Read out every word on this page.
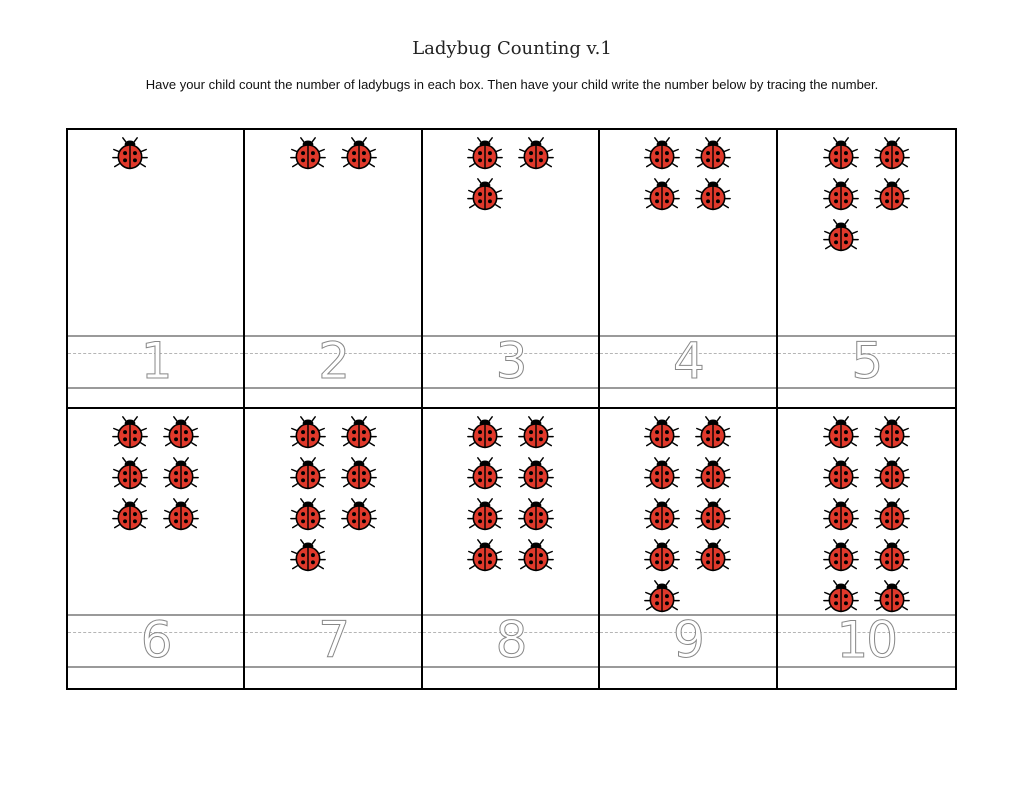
Ladybug Counting v.1
Have your child count the number of ladybugs in each box. Then have your child write the number below by tracing the number.
1	2	3	4	5
6	7	8	9	10
